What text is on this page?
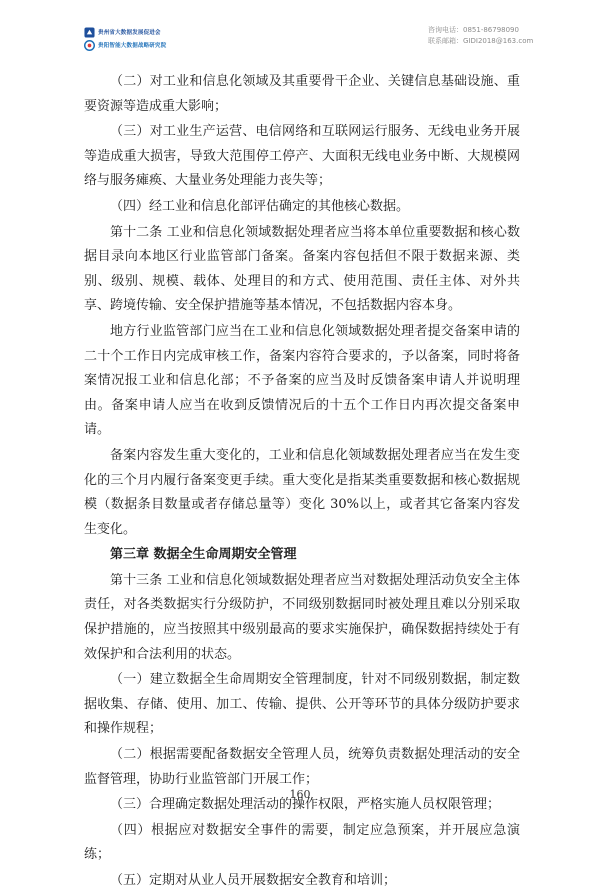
贵州省大数据发展促进会
贵阳智能大数据战略研究院
咨询电话：0851-86798090
联系邮箱：GIDI2018@163.com

（二）对工业和信息化领域及其重要骨干企业、关键信息基础设施、重要资源等造成重大影响；

（三）对工业生产运营、电信网络和互联网运行服务、无线电业务开展等造成重大损害，导致大范围停工停产、大面积无线电业务中断、大规模网络与服务瘫痪、大量业务处理能力丧失等；

（四）经工业和信息化部评估确定的其他核心数据。

第十二条 工业和信息化领域数据处理者应当将本单位重要数据和核心数据目录向本地区行业监管部门备案。备案内容包括但不限于数据来源、类别、级别、规模、载体、处理目的和方式、使用范围、责任主体、对外共享、跨境传输、安全保护措施等基本情况，不包括数据内容本身。

地方行业监管部门应当在工业和信息化领域数据处理者提交备案申请的二十个工作日内完成审核工作，备案内容符合要求的，予以备案，同时将备案情况报工业和信息化部；不予备案的应当及时反馈备案申请人并说明理由。备案申请人应当在收到反馈情况后的十五个工作日内再次提交备案申请。

备案内容发生重大变化的，工业和信息化领域数据处理者应当在发生变化的三个月内履行备案变更手续。重大变化是指某类重要数据和核心数据规模（数据条目数量或者存储总量等）变化 30%以上，或者其它备案内容发生变化。

第三章 数据全生命周期安全管理

第十三条 工业和信息化领域数据处理者应当对数据处理活动负安全主体责任，对各类数据实行分级防护，不同级别数据同时被处理且难以分别采取保护措施的，应当按照其中级别最高的要求实施保护，确保数据持续处于有效保护和合法利用的状态。

（一）建立数据全生命周期安全管理制度，针对不同级别数据，制定数据收集、存储、使用、加工、传输、提供、公开等环节的具体分级防护要求和操作规程；

（二）根据需要配备数据安全管理人员，统筹负责数据处理活动的安全监督管理，协助行业监管部门开展工作；

（三）合理确定数据处理活动的操作权限，严格实施人员权限管理；

（四）根据应对数据安全事件的需要，制定应急预案，并开展应急演练；

（五）定期对从业人员开展数据安全教育和培训；

160
